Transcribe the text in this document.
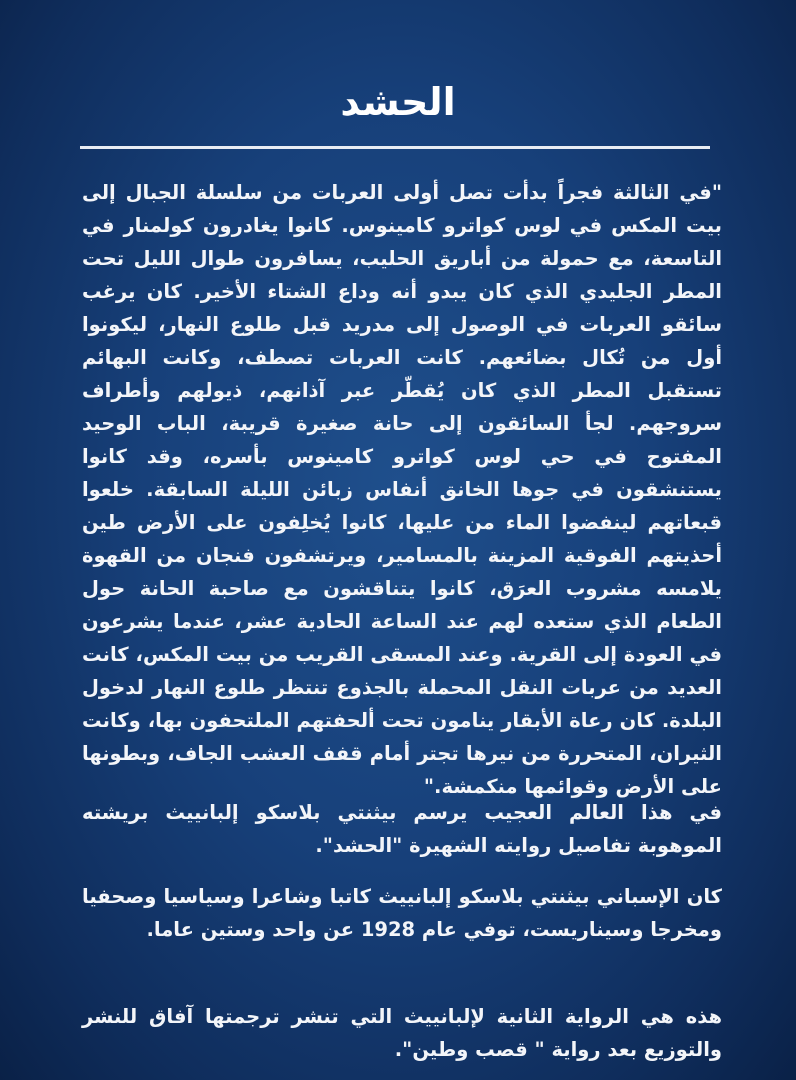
الحشد
"في الثالثة فجراً بدأت تصل أولى العربات من سلسلة الجبال إلى بيت المكس في لوس كواترو كامينوس. كانوا يغادرون كولمنار في التاسعة، مع حمولة من أباريق الحليب، يسافرون طوال الليل تحت المطر الجليدي الذي كان يبدو أنه وداع الشتاء الأخير. كان يرغب سائقو العربات في الوصول إلى مدريد قبل طلوع النهار، ليكونوا أول من تُكال بضائعهم. كانت العربات تصطف، وكانت البهائم تستقبل المطر الذي كان يُقطّر عبر آذانهم، ذيولهم وأطراف سروجهم. لجأ السائقون إلى حانة صغيرة قريبة، الباب الوحيد المفتوح في حي لوس كواترو كامينوس بأسره، وقد كانوا يستنشقون في جوها الخانق أنفاس زبائن الليلة السابقة. خلعوا قبعاتهم لينفضوا الماء من عليها، كانوا يُخلِفون على الأرض طين أحذيتهم الفوقية المزينة بالمسامير، ويرتشفون فنجان من القهوة يلامسه مشروب العرَق، كانوا يتناقشون مع صاحبة الحانة حول الطعام الذي ستعده لهم عند الساعة الحادية عشر، عندما يشرعون في العودة إلى القرية. وعند المسقى القريب من بيت المكس، كانت العديد من عربات النقل المحملة بالجذوع تنتظر طلوع النهار لدخول البلدة. كان رعاة الأبقار ينامون تحت ألحفتهم الملتحفون بها، وكانت الثيران، المتحررة من نيرها تجتر أمام قفف العشب الجاف، وبطونها على الأرض وقوائمها منكمشة."
في هذا العالم العجيب يرسم بيثنتي بلاسكو إلبانييث بريشته الموهوبة تفاصيل روايته الشهيرة "الحشد".
كان الإسباني بيثنتي بلاسكو إلبانييث كاتبا وشاعرا وسياسيا وصحفيا ومخرجا وسيناريست، توفي عام 1928 عن واحد وستين عاما.
هذه هي الرواية الثانية لإلبانييث التي تنشر ترجمتها آفاق للنشر والتوزيع بعد رواية " قصب وطين".
